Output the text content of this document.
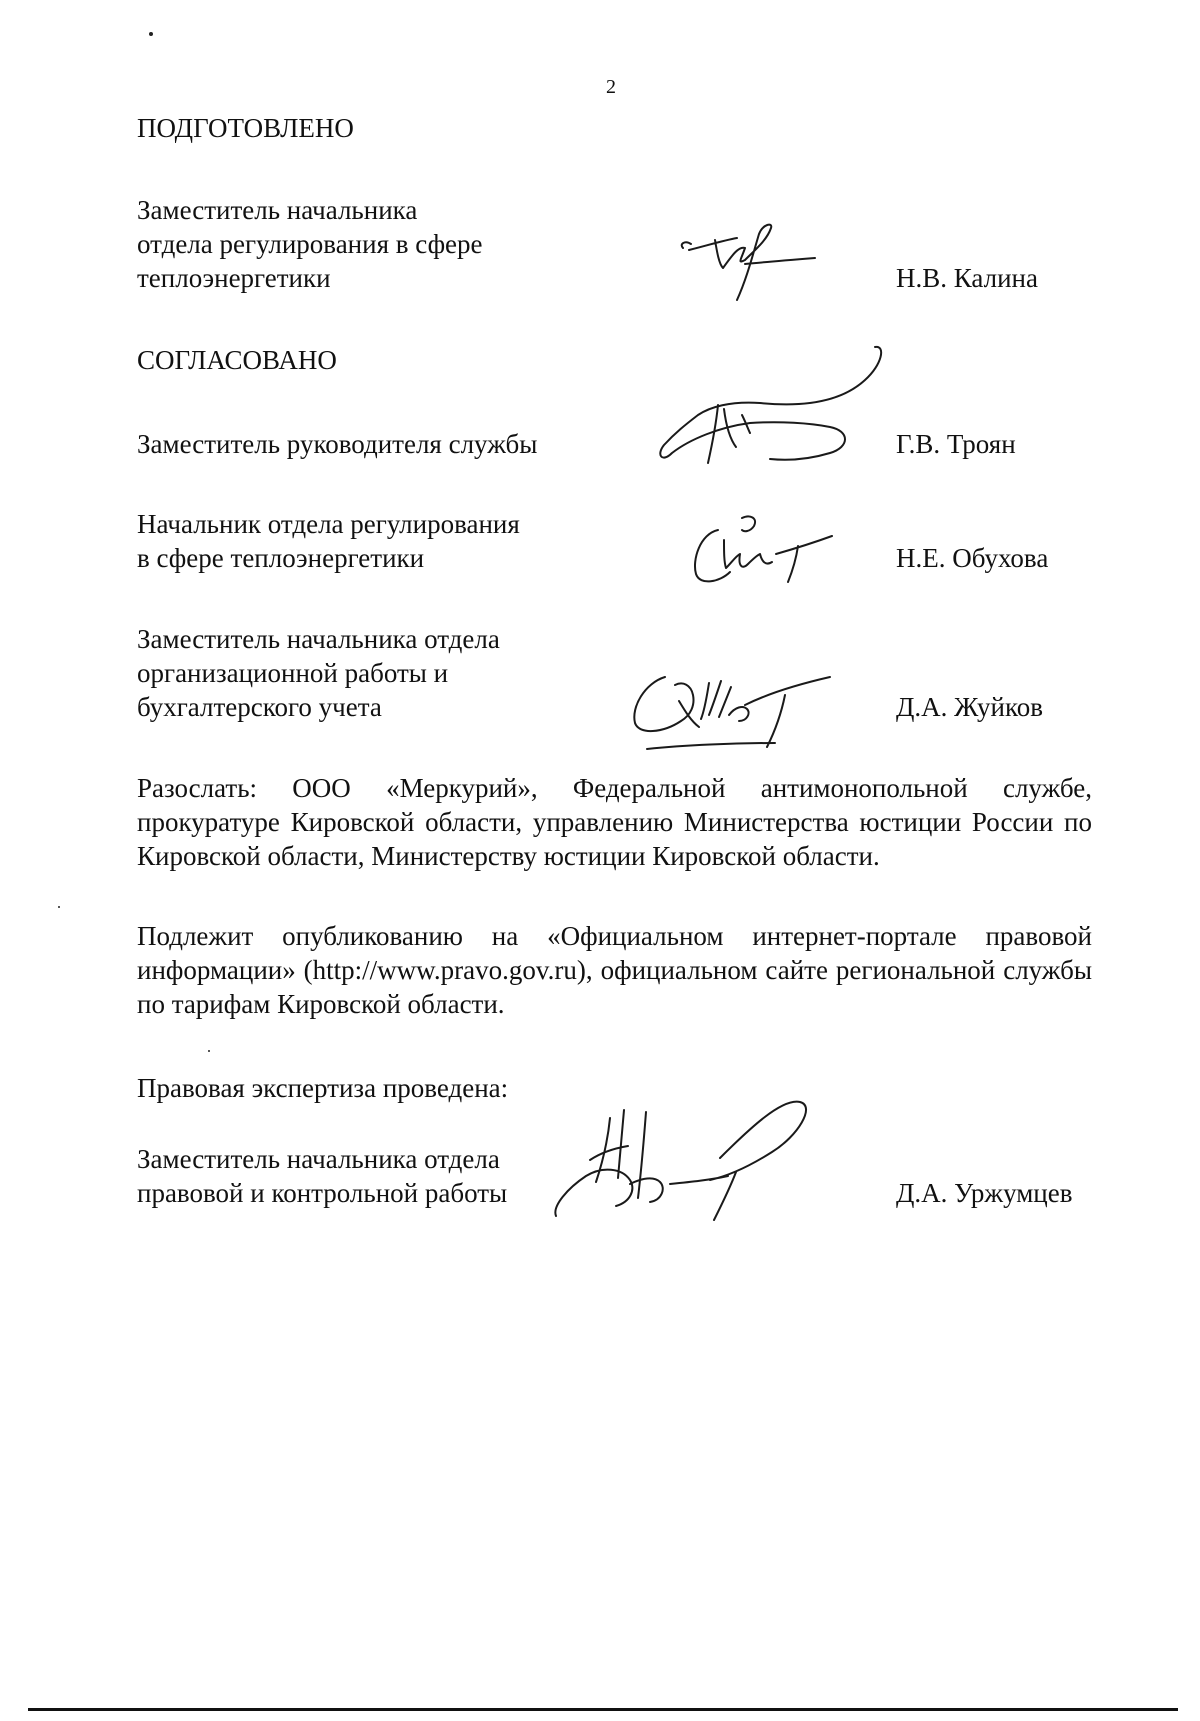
2
ПОДГОТОВЛЕНО
Заместитель начальника
отдела регулирования в сфере
теплоэнергетики	Н.В. Калина
СОГЛАСОВАНО
Заместитель руководителя службы	Г.В. Троян
Начальник отдела регулирования
в сфере теплоэнергетики	Н.Е. Обухова
Заместитель начальника отдела
организационной работы и
бухгалтерского учета	Д.А. Жуйков
Разослать: ООО «Меркурий», Федеральной антимонопольной службе, прокуратуре Кировской области, управлению Министерства юстиции России по Кировской области, Министерству юстиции Кировской области.
Подлежит опубликованию на «Официальном интернет-портале правовой информации» (http://www.pravo.gov.ru), официальном сайте региональной службы по тарифам Кировской области.
Правовая экспертиза проведена:
Заместитель начальника отдела
правовой и контрольной работы	Д.А. Уржумцев
